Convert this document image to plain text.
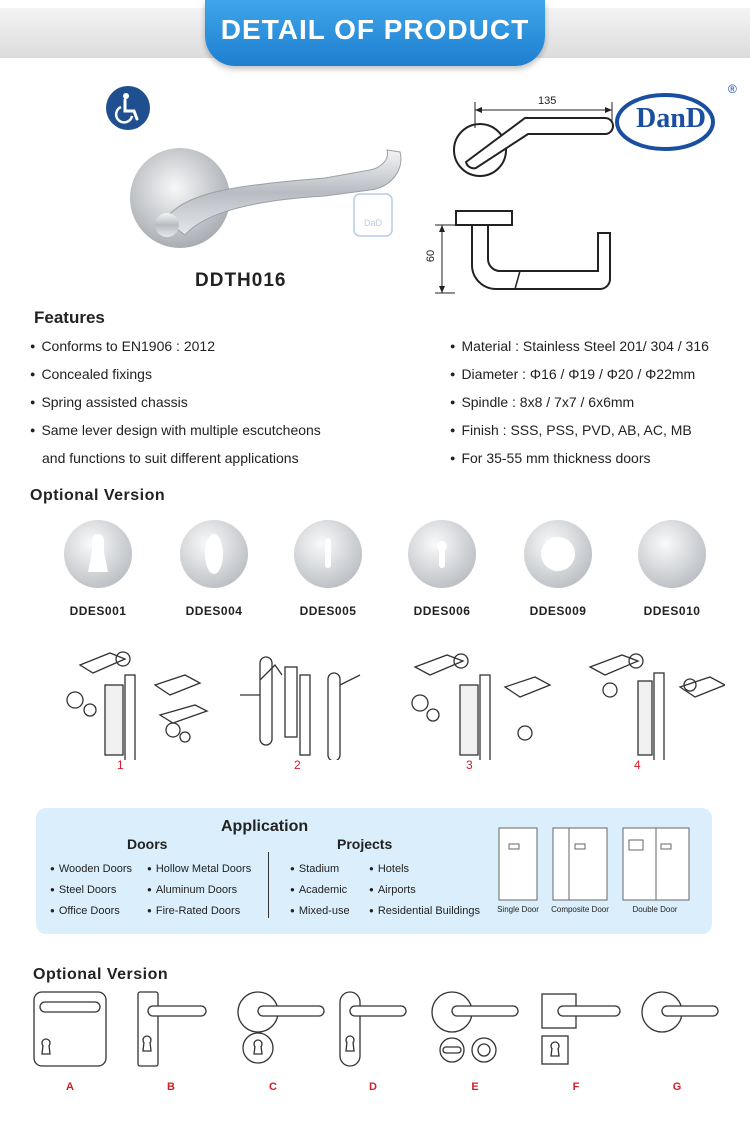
DETAIL OF PRODUCT
DaD
DDTH016
135
60
DanD
®
Features
● Conforms to EN1906 : 2012
● Concealed fixings
● Spring assisted chassis
● Same lever design with multiple escutcheons
and functions to suit different applications
● Material : Stainless Steel 201/ 304 / 316
● Diameter : Φ16 / Φ19 / Φ20 / Φ22mm
● Spindle : 8x8 / 7x7 / 6x6mm
● Finish : SSS, PSS, PVD, AB, AC, MB
● For 35-55 mm thickness doors
Optional Version
DDES001	DDES004	DDES005	DDES006	DDES009	DDES010
1	2	3	4
Application
Doors	Projects
● Wooden Doors
● Steel Doors
● Office Doors
● Hollow Metal Doors
● Aluminum Doors
● Fire-Rated Doors
● Stadium
● Academic
● Mixed-use
● Hotels
● Airports
● Residential Buildings Single Door Composite Door	Double Door
Optional Version
A	B	C	D	E	F	G
